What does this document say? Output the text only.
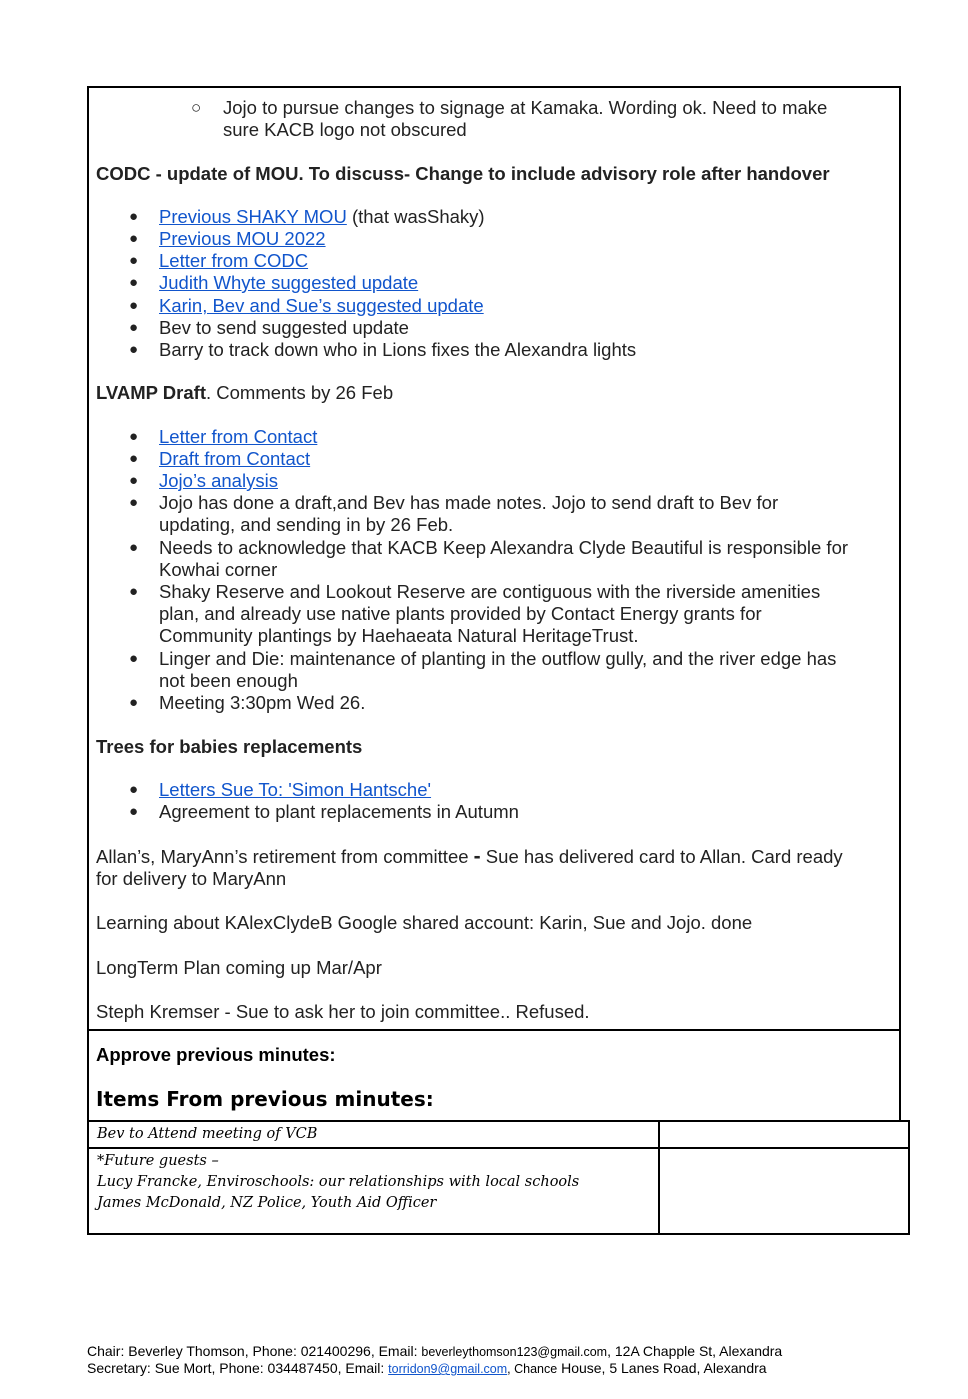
○ Jojo to pursue changes to signage at Kamaka. Wording ok. Need to make
sure KACB logo not obscured
CODC - update of MOU. To discuss- Change to include advisory role after handover
● Previous SHAKY MOU (that wasShaky)
● Previous MOU 2022
● Letter from CODC
● Judith Whyte suggested update
● Karin, Bev and Sue’s suggested update
● Bev to send suggested update
● Barry to track down who in Lions fixes the Alexandra lights
LVAMP Draft. Comments by 26 Feb
● Letter from Contact
● Draft from Contact
● Jojo’s analysis
● Jojo has done a draft,and Bev has made notes. Jojo to send draft to Bev for
updating, and sending in by 26 Feb.
● Needs to acknowledge that KACB Keep Alexandra Clyde Beautiful is responsible for
Kowhai corner
● Shaky Reserve and Lookout Reserve are contiguous with the riverside amenities
plan, and already use native plants provided by Contact Energy grants for
Community plantings by Haehaeata Natural HeritageTrust.
● Linger and Die: maintenance of planting in the outflow gully, and the river edge has
not been enough
● Meeting 3:30pm Wed 26.
Trees for babies replacements
● Letters Sue To: 'Simon Hantsche'
● Agreement to plant replacements in Autumn
Allan’s, MaryAnn’s retirement from committee - Sue has delivered card to Allan. Card ready
for delivery to MaryAnn
Learning about KAlexClydeB Google shared account: Karin, Sue and Jojo. done
LongTerm Plan coming up Mar/Apr
Steph Kremser - Sue to ask her to join committee.. Refused.
Approve previous minutes:
Items From previous minutes:
Bev to Attend meeting of VCB	

*Future guests –
Lucy Francke, Enviroschools: our relationships with local schools
James McDonald, NZ Police, Youth Aid Officer	

Chair: Beverley Thomson, Phone: 021400296, Email: beverleythomson123@gmail.com, 12A Chapple St, Alexandra
Secretary: Sue Mort, Phone: 034487450, Email: torridon9@gmail.com, Chance House, 5 Lanes Road, Alexandra
